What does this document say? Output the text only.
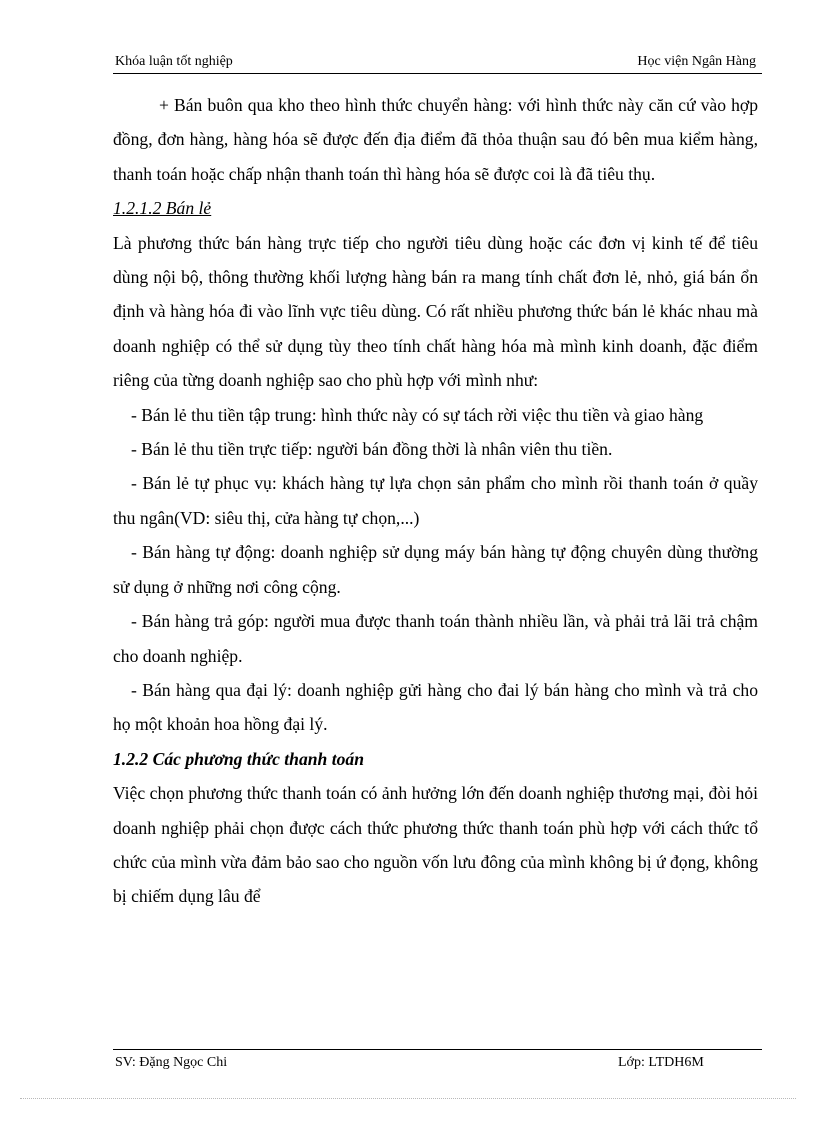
Khóa luận tốt nghiệp	Học viện Ngân Hàng

+ Bán buôn qua kho theo hình thức chuyển hàng: với hình thức này căn cứ vào hợp đồng, đơn hàng, hàng hóa sẽ được đến địa điểm đã thỏa thuận sau đó bên mua kiểm hàng, thanh toán hoặc chấp nhận thanh toán thì hàng hóa sẽ được coi là đã tiêu thụ.

1.2.1.2 Bán lẻ

Là phương thức bán hàng trực tiếp cho người tiêu dùng hoặc các đơn vị kinh tế để tiêu dùng nội bộ, thông thường khối lượng hàng bán ra mang tính chất đơn lẻ, nhỏ, giá bán ổn định và hàng hóa đi vào lĩnh vực tiêu dùng. Có rất nhiều phương thức bán lẻ khác nhau mà doanh nghiệp có thể sử dụng tùy theo tính chất hàng hóa mà mình kinh doanh, đặc điểm riêng của từng doanh nghiệp sao cho phù hợp với mình như:

- Bán lẻ thu tiền tập trung: hình thức này có sự tách rời việc thu tiền và giao hàng

- Bán lẻ thu tiền trực tiếp: người bán đồng thời là nhân viên thu tiền.

- Bán lẻ tự phục vụ: khách hàng tự lựa chọn sản phẩm cho mình rồi thanh toán ở quầy thu ngân(VD: siêu thị, cửa hàng tự chọn,...)

- Bán hàng tự động: doanh nghiệp sử dụng máy bán hàng tự động chuyên dùng thường sử dụng ở những nơi công cộng.

- Bán hàng trả góp: người mua được thanh toán thành nhiều lần, và phải trả lãi trả chậm cho doanh nghiệp.

- Bán hàng qua đại lý: doanh nghiệp gửi hàng cho đai lý bán hàng cho mình và trả cho họ một khoản hoa hồng đại lý.

1.2.2 Các phương thức thanh toán

Việc chọn phương thức thanh toán có ảnh hưởng lớn đến doanh nghiệp thương mại, đòi hỏi doanh nghiệp phải chọn được cách thức phương thức thanh toán phù hợp với cách thức tổ chức của mình vừa đảm bảo sao cho nguồn vốn lưu đông của mình không bị ứ đọng, không bị chiếm dụng lâu để

SV: Đặng Ngọc Chi	Lớp: LTDH6M
